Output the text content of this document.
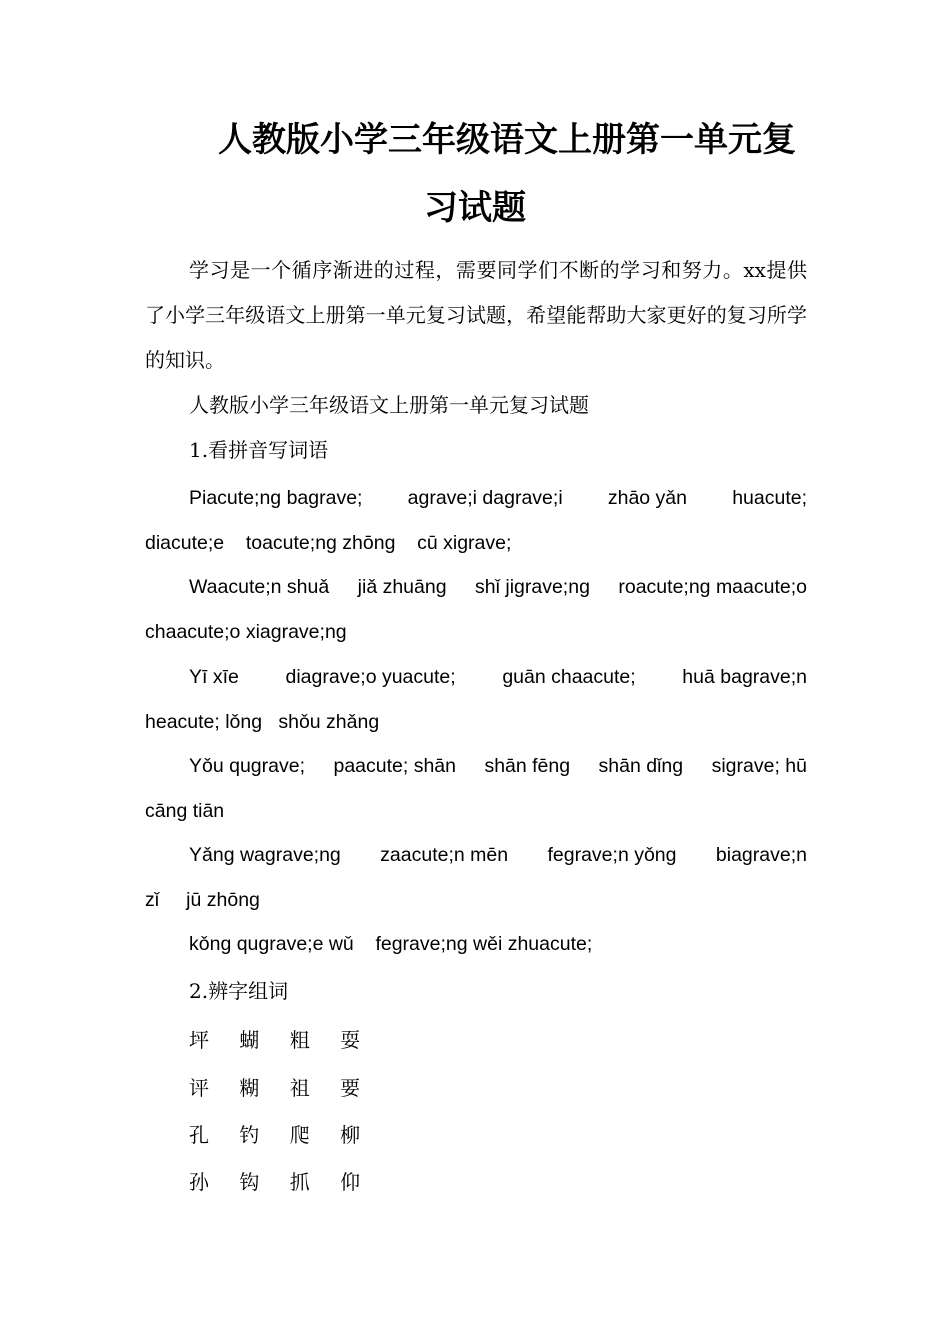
人教版小学三年级语文上册第一单元复
习试题

学习是一个循序渐进的过程，需要同学们不断的学习和努力。xx提供了小学三年级语文上册第一单元复习试题，希望能帮助大家更好的复习所学的知识。

人教版小学三年级语文上册第一单元复习试题

1.看拼音写词语

Piacute;ng bagrave; agrave;i dagrave;i zhāo yǎn huacute;
diacute;e    toacute;ng zhōng    cū xigrave;
Waacute;n shuǎ jiǎ zhuāng shǐ jigrave;ng roacute;ng maacute;o
chaacute;o xiagrave;ng
Yī xīe diagrave;o yuacute; guān chaacute; huā bagrave;n
heacute; lǒng   shǒu zhǎng
Yǒu qugrave; paacute; shān shān fēng shān dǐng sigrave; hū
cāng tiān
Yǎng wagrave;ng zaacute;n mēn fegrave;n yǒng biagrave;n
zǐ     jū zhōng
kǒng qugrave;e wǔ    fegrave;ng wěi zhuacute;

2.辨字组词

坪 蝴 粗 耍

评 糊 祖 要

孔 钓 爬 柳

孙 钩 抓 仰
